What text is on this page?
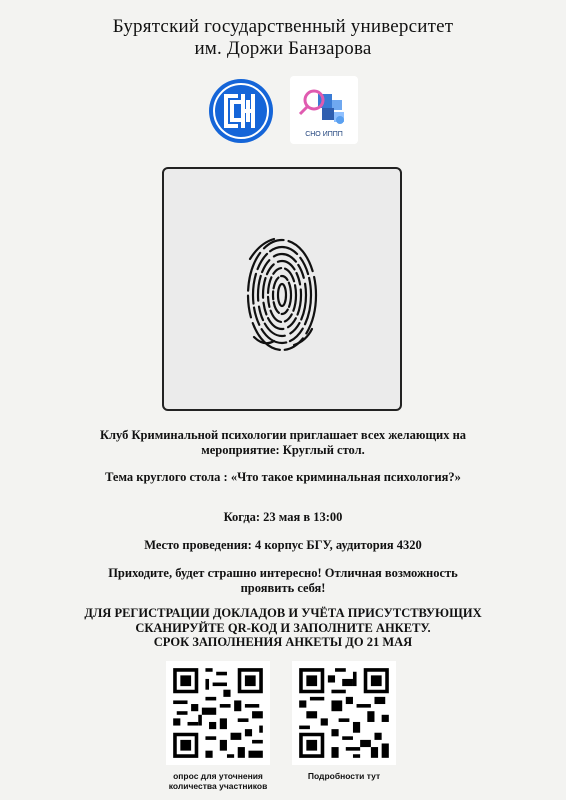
Бурятский государственный университет
им. Доржи Банзарова
СНО ИППП
Клуб Криминальной психологии приглашает всех желающих на
мероприятие: Круглый стол.
Тема круглого стола : «Что такое криминальная психология?»
Когда: 23 мая в 13:00
Место проведения: 4 корпус БГУ, аудитория 4320
Приходите, будет страшно интересно! Отличная возможность
проявить себя!
ДЛЯ РЕГИСТРАЦИИ ДОКЛАДОВ И УЧЁТА ПРИСУТСТВУЮЩИХ
СКАНИРУЙТЕ QR-КОД И ЗАПОЛНИТЕ АНКЕТУ.
СРОК ЗАПОЛНЕНИЯ АНКЕТЫ ДО 21 МАЯ
опрос для уточнения
количества участников
Подробности тут
